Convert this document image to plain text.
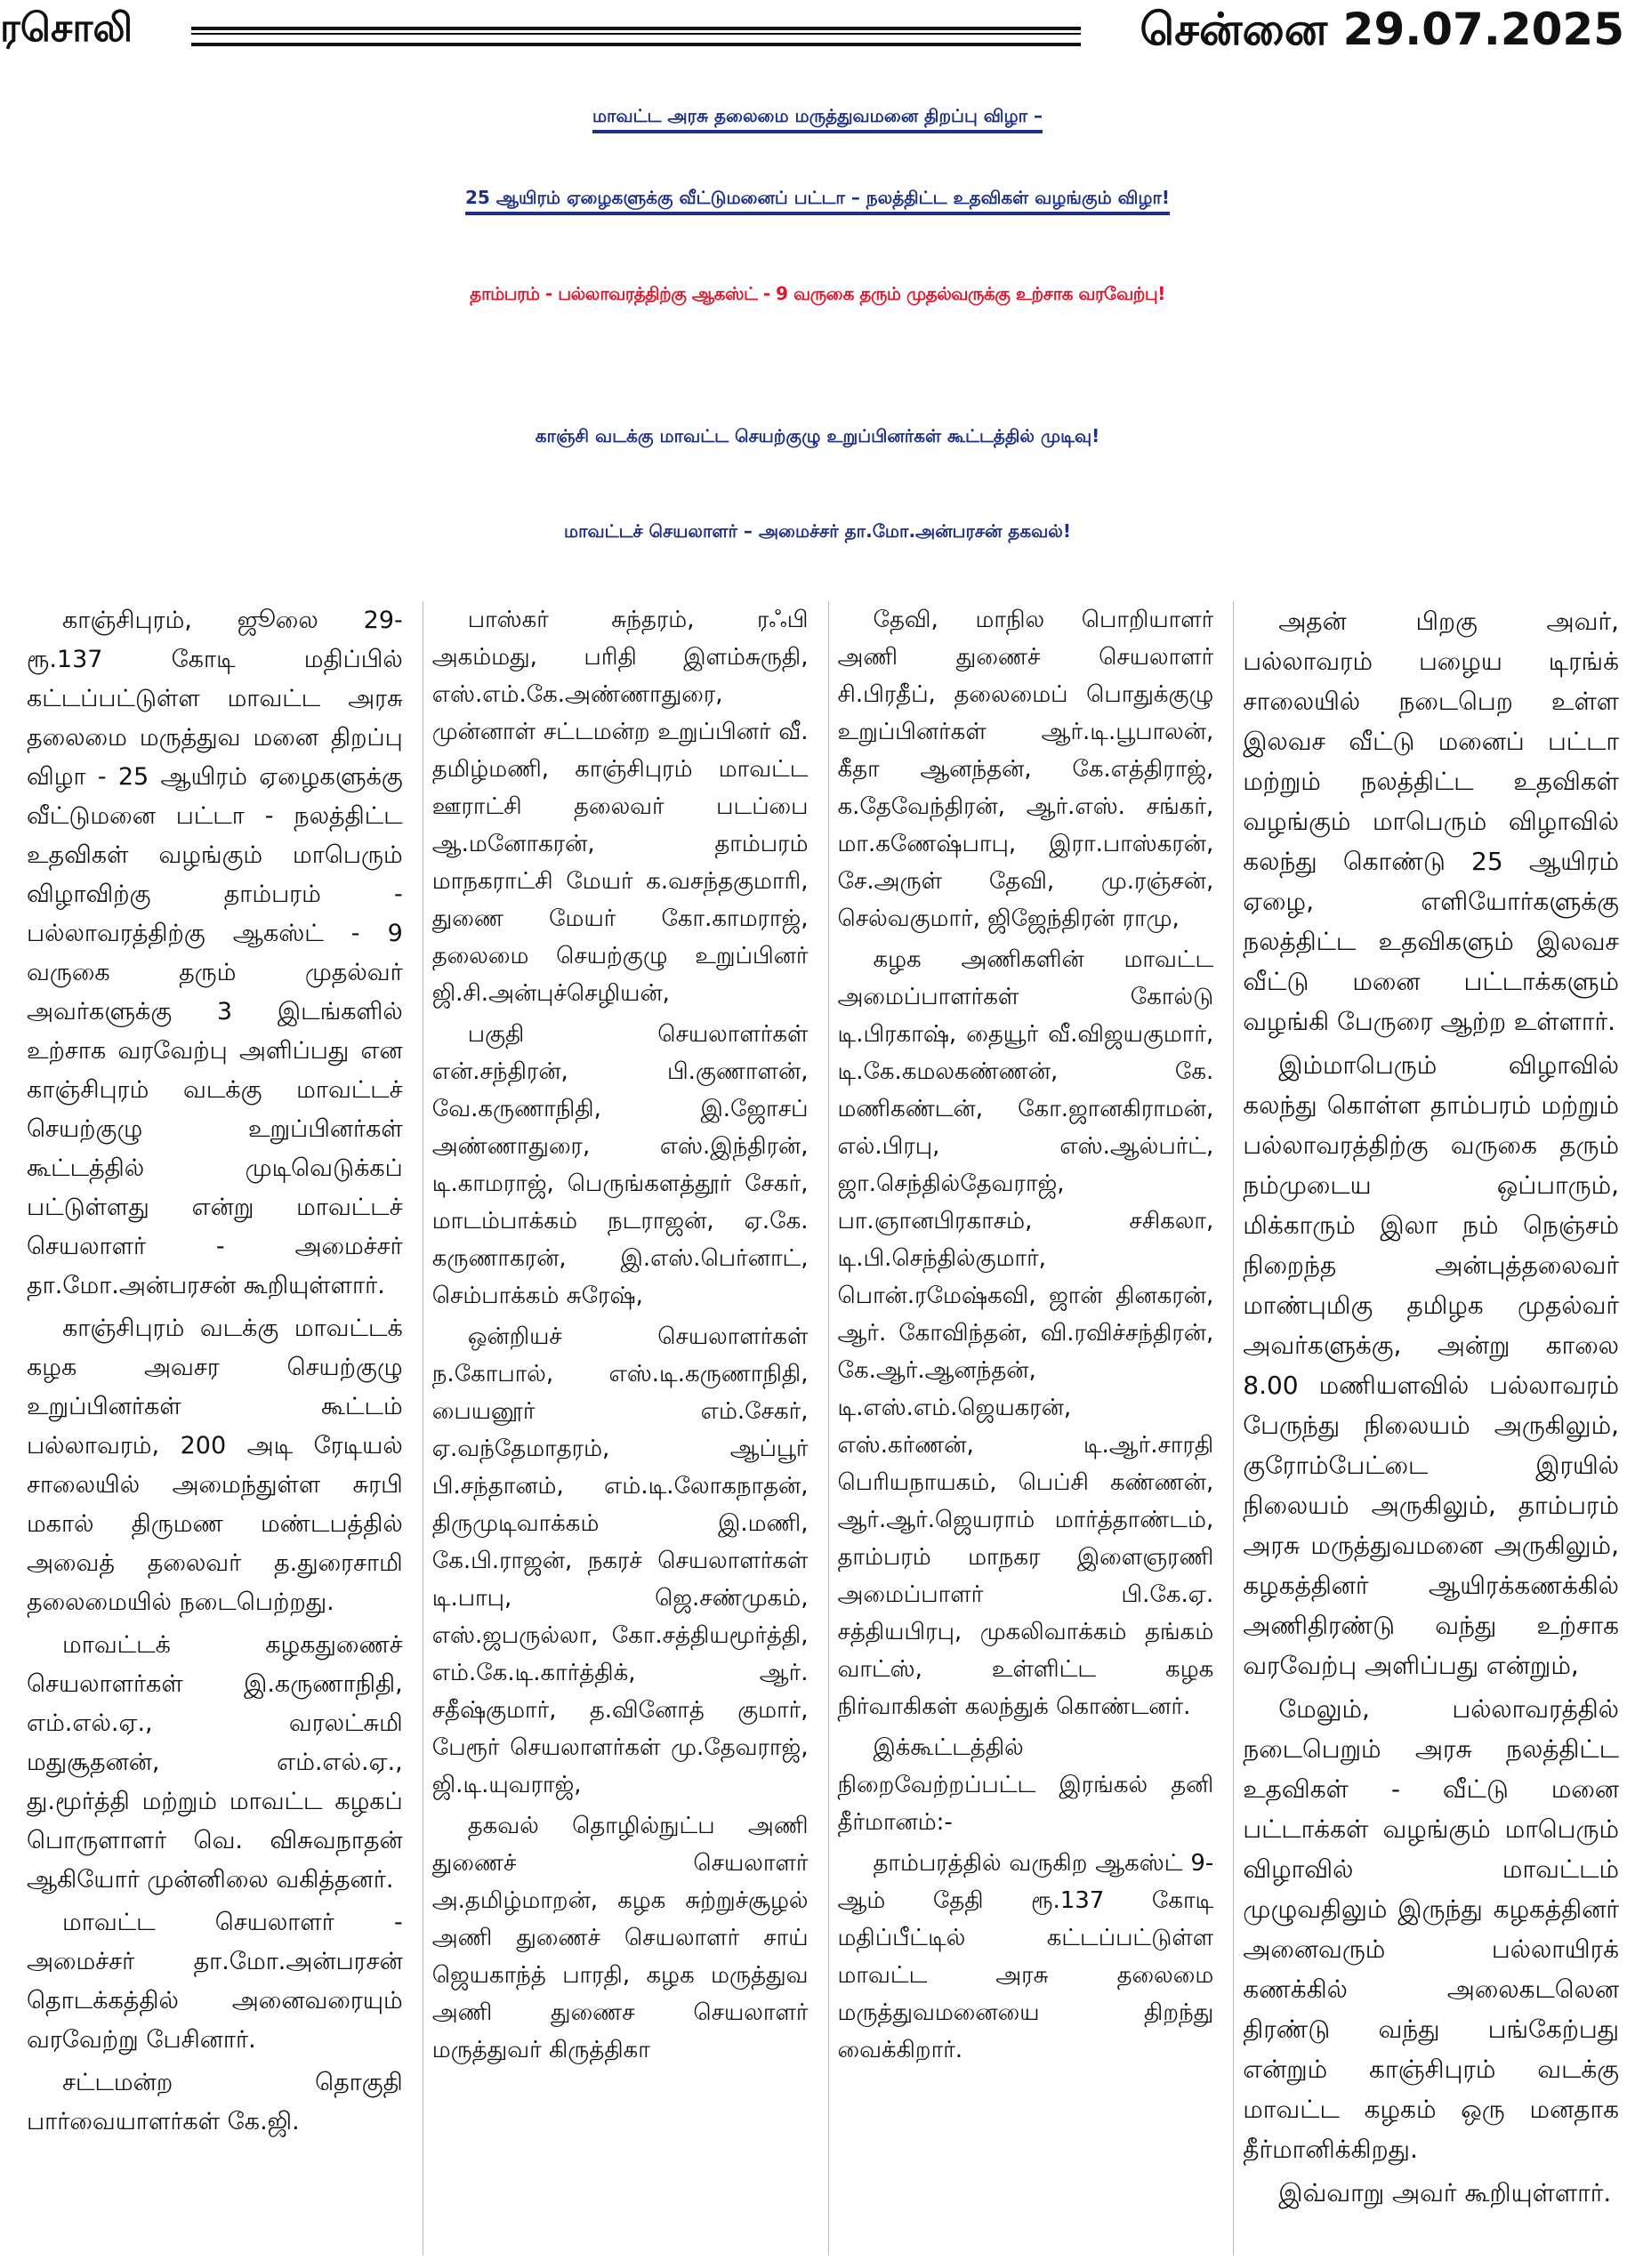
ரசொலி	சென்னை 29.07.2025
மாவட்ட அரசு தலைமை மருத்துவமனை திறப்பு விழா –
25 ஆயிரம் ஏழைகளுக்கு வீட்டுமனைப் பட்டா – நலத்திட்ட உதவிகள் வழங்கும் விழா!
தாம்பரம் - பல்லாவரத்திற்கு ஆகஸ்ட் - 9 வருகை தரும் முதல்வருக்கு உற்சாக வரவேற்பு!
காஞ்சி வடக்கு மாவட்ட செயற்குழு உறுப்பினர்கள் கூட்டத்தில் முடிவு!
மாவட்டச் செயலாளர் – அமைச்சர் தா.மோ.அன்பரசன் தகவல்!

காஞ்சிபுரம், ஜூலை 29- ரூ.137 கோடி மதிப்பில் கட்டப்பட்டுள்ள மாவட்ட அரசு தலைமை மருத்துவ மனை திறப்பு விழா - 25 ஆயிரம் ஏழைகளுக்கு வீட்டுமனை பட்டா - நலத்திட்ட உதவிகள் வழங்கும் மாபெரும் விழாவிற்கு தாம்பரம் - பல்லாவரத்திற்கு ஆகஸ்ட் - 9 வருகை தரும் முதல்வர் அவர்களுக்கு 3 இடங்களில் உற்சாக வரவேற்பு அளிப்பது என காஞ்சிபுரம் வடக்கு மாவட்டச் செயற்குழு உறுப்பினர்கள் கூட்டத்தில் முடிவெடுக்கப் பட்டுள்ளது என்று மாவட்டச் செயலாளர் - அமைச்சர் தா.மோ.அன்பரசன் கூறியுள்ளார்.

காஞ்சிபுரம் வடக்கு மாவட்டக் கழக அவசர செயற்குழு உறுப்பினர்கள் கூட்டம் பல்லாவரம், 200 அடி ரேடியல் சாலையில் அமைந்துள்ள சுரபி மகால் திருமண மண்டபத்தில் அவைத் தலைவர் த.துரைசாமி தலைமையில் நடைபெற்றது.

மாவட்டக் கழகதுணைச் செயலாளர்கள் இ.கருணாநிதி, எம்.எல்.ஏ., வரலட்சுமி மதுசூதனன், எம்.எல்.ஏ., து.மூர்த்தி மற்றும் மாவட்ட கழகப் பொருளாளர் வெ. விசுவநாதன் ஆகியோர் முன்னிலை வகித்தனர்.

மாவட்ட செயலாளர் - அமைச்சர் தா.மோ.அன்பரசன் தொடக்கத்தில் அனைவரையும் வரவேற்று பேசினார்.

சட்டமன்ற தொகுதி பார்வையாளர்கள் கே.ஜி.

பாஸ்கர் சுந்தரம், ரஃபி அகம்மது, பரிதி இளம்சுருதி, எஸ்.எம்.கே.அண்ணாதுரை, முன்னாள் சட்டமன்ற உறுப்பினர் வீ. தமிழ்மணி, காஞ்சிபுரம் மாவட்ட ஊராட்சி தலைவர் படப்பை ஆ.மனோகரன், தாம்பரம் மாநகராட்சி மேயர் க.வசந்தகுமாரி, துணை மேயர் கோ.காமராஜ், தலைமை செயற்குழு உறுப்பினர் ஜி.சி.அன்புச்செழியன்,

பகுதி செயலாளர்கள் என்.சந்திரன், பி.குணாளன், வே.கருணாநிதி, இ.ஜோசப் அண்ணாதுரை, எஸ்.இந்திரன், டி.காமராஜ், பெருங்களத்தூர் சேகர், மாடம்பாக்கம் நடராஜன், ஏ.கே. கருணாகரன், இ.எஸ்.பெர்னாட், செம்பாக்கம் சுரேஷ்,

ஒன்றியச் செயலாளர்கள் ந.கோபால், எஸ்.டி.கருணாநிதி, பையனூர் எம்.சேகர், ஏ.வந்தேமாதரம், ஆப்பூர் பி.சந்தானம், எம்.டி.லோகநாதன், திருமுடிவாக்கம் இ.மணி, கே.பி.ராஜன், நகரச் செயலாளர்கள் டி.பாபு, ஜெ.சண்முகம், எஸ்.ஜபருல்லா, கோ.சத்தியமூர்த்தி, எம்.கே.டி.கார்த்திக், ஆர். சதீஷ்குமார், த.வினோத் குமார், பேரூர் செயலாளர்கள் மு.தேவராஜ், ஜி.டி.யுவராஜ்,

தகவல் தொழில்நுட்ப அணி துணைச் செயலாளர் அ.தமிழ்மாறன், கழக சுற்றுச்சூழல் அணி துணைச் செயலாளர் சாய் ஜெயகாந்த் பாரதி, கழக மருத்துவ அணி துணைச செயலாளர் மருத்துவர் கிருத்திகா

தேவி, மாநில பொறியாளர் அணி துணைச் செயலாளர் சி.பிரதீப், தலைமைப் பொதுக்குழு உறுப்பினர்கள் ஆர்.டி.பூபாலன், கீதா ஆனந்தன், கே.எத்திராஜ், க.தேவேந்திரன், ஆர்.எஸ். சங்கர், மா.கணேஷ்பாபு, இரா.பாஸ்கரன், சே.அருள் தேவி, மு.ரஞ்சன், செல்வகுமார், ஜிஜேந்திரன் ராமு,

கழக அணிகளின் மாவட்ட அமைப்பாளர்கள் கோல்டு டி.பிரகாஷ், தையூர் வீ.விஜயகுமார், டி.கே.கமலகண்ணன், கே. மணிகண்டன், கோ.ஜானகிராமன், எல்.பிரபு, எஸ்.ஆல்பர்ட், ஜா.செந்தில்தேவராஜ், பா.ஞானபிரகாசம், சசிகலா, டி.பி.செந்தில்குமார், பொன்.ரமேஷ்கவி, ஜான் தினகரன், ஆர். கோவிந்தன், வி.ரவிச்சந்திரன், கே.ஆர்.ஆனந்தன், டி.எஸ்.எம்.ஜெயகரன், எஸ்.கர்ணன், டி.ஆர்.சாரதி பெரியநாயகம், பெப்சி கண்ணன், ஆர்.ஆர்.ஜெயராம் மார்த்தாண்டம், தாம்பரம் மாநகர இளைஞரணி அமைப்பாளர் பி.கே.ஏ. சத்தியபிரபு, முகலிவாக்கம் தங்கம் வாட்ஸ், உள்ளிட்ட கழக நிர்வாகிகள் கலந்துக் கொண்டனர்.

இக்கூட்டத்தில் நிறைவேற்றப்பட்ட இரங்கல் தனி தீர்மானம்:-

தாம்பரத்தில் வருகிற ஆகஸ்ட் 9-ஆம் தேதி ரூ.137 கோடி மதிப்பீட்டில் கட்டப்பட்டுள்ள மாவட்ட அரசு தலைமை மருத்துவமனையை திறந்து வைக்கிறார்.

அதன் பிறகு அவர், பல்லாவரம் பழைய டிரங்க் சாலையில் நடைபெற உள்ள இலவச வீட்டு மனைப் பட்டா மற்றும் நலத்திட்ட உதவிகள் வழங்கும் மாபெரும் விழாவில் கலந்து கொண்டு 25 ஆயிரம் ஏழை, எளியோர்களுக்கு நலத்திட்ட உதவிகளும் இலவச வீட்டு மனை பட்டாக்களும் வழங்கி பேருரை ஆற்ற உள்ளார்.

இம்மாபெரும் விழாவில் கலந்து கொள்ள தாம்பரம் மற்றும் பல்லாவரத்திற்கு வருகை தரும் நம்முடைய ஒப்பாரும், மிக்காரும் இலா நம் நெஞ்சம் நிறைந்த அன்புத்தலைவர் மாண்புமிகு தமிழக முதல்வர் அவர்களுக்கு, அன்று காலை 8.00 மணியளவில் பல்லாவரம் பேருந்து நிலையம் அருகிலும், குரோம்பேட்டை இரயில் நிலையம் அருகிலும், தாம்பரம் அரசு மருத்துவமனை அருகிலும், கழகத்தினர் ஆயிரக்கணக்கில் அணிதிரண்டு வந்து உற்சாக வரவேற்பு அளிப்பது என்றும்,

மேலும், பல்லாவரத்தில் நடைபெறும் அரசு நலத்திட்ட உதவிகள் - வீட்டு மனை பட்டாக்கள் வழங்கும் மாபெரும் விழாவில் மாவட்டம் முழுவதிலும் இருந்து கழகத்தினர் அனைவரும் பல்லாயிரக் கணக்கில் அலைகடலென திரண்டு வந்து பங்கேற்பது என்றும் காஞ்சிபுரம் வடக்கு மாவட்ட கழகம் ஒரு மனதாக தீர்மானிக்கிறது.

இவ்வாறு அவர் கூறியுள்ளார்.
